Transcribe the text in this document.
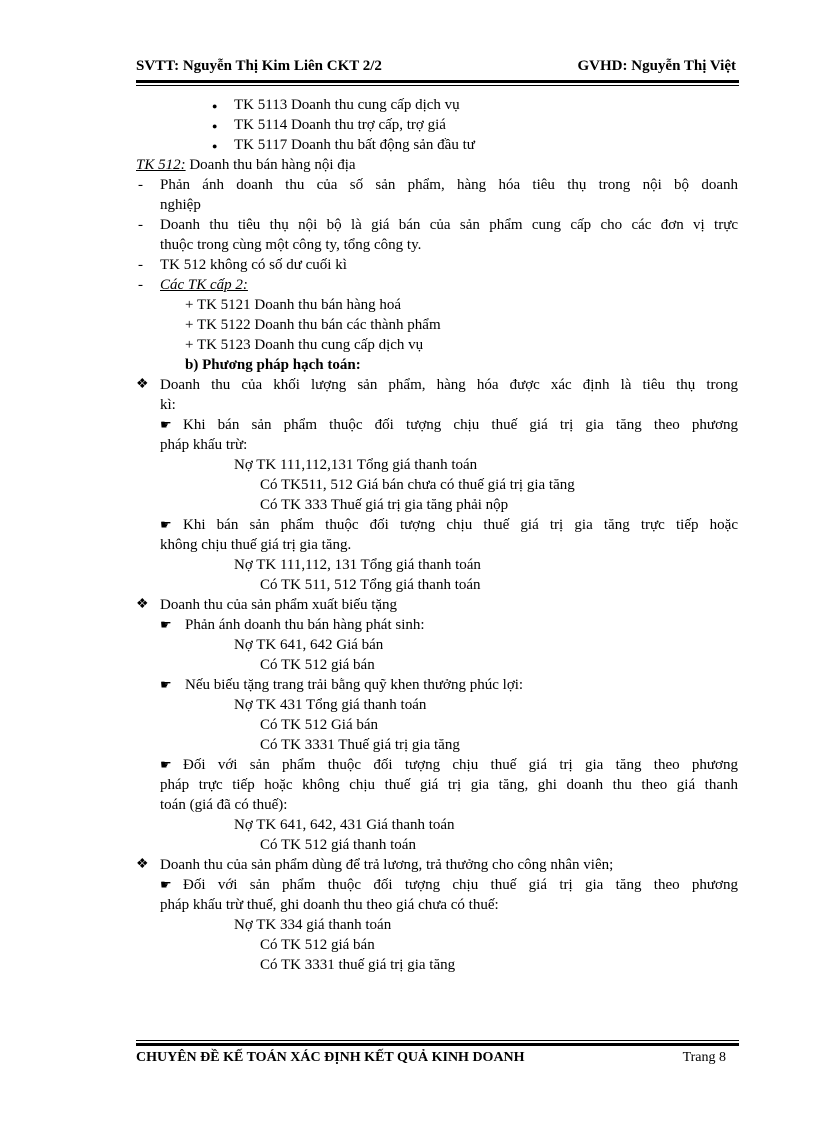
SVTT: Nguyễn Thị Kim Liên CKT 2/2	GVHD: Nguyễn Thị Việt
● TK 5113 Doanh thu cung cấp dịch vụ
● TK 5114 Doanh thu trợ cấp, trợ giá
● TK 5117 Doanh thu bất động sản đầu tư
TK 512: Doanh thu bán hàng nội địa
- Phản ánh doanh thu của số sản phẩm, hàng hóa tiêu thụ trong nội bộ doanh
nghiệp
- Doanh thu tiêu thụ nội bộ là giá bán của sản phẩm cung cấp cho các đơn vị trực
thuộc trong cùng một công ty, tổng công ty.
- TK 512 không có số dư cuối kì
- Các TK cấp 2:
+ TK 5121 Doanh thu bán hàng hoá
+ TK 5122 Doanh thu bán các thành phẩm
+ TK 5123 Doanh thu cung cấp dịch vụ
b) Phương pháp hạch toán:
❖ Doanh thu của khối lượng sản phẩm, hàng hóa được xác định là tiêu thụ trong
kì:
☛ Khi bán sản phẩm thuộc đối tượng chịu thuế giá trị gia tăng theo phương
pháp khấu trừ:
Nợ TK 111,112,131 Tổng giá thanh toán
Có TK511, 512 Giá bán chưa có thuế giá trị gia tăng
Có TK 333 Thuế giá trị gia tăng phải nộp
☛ Khi bán sản phẩm thuộc đối tượng chịu thuế giá trị gia tăng trực tiếp hoặc
không chịu thuế giá trị gia tăng.
Nợ TK 111,112, 131 Tổng giá thanh toán
Có TK 511, 512 Tổng giá thanh toán
❖ Doanh thu của sản phẩm xuất biếu tặng
☛ Phản ánh doanh thu bán hàng phát sinh:
Nợ TK 641, 642 Giá bán
Có TK 512 giá bán
☛ Nếu biếu tặng trang trải bằng quỹ khen thưởng phúc lợi:
Nợ TK 431 Tổng giá thanh toán
Có TK 512 Giá bán
Có TK 3331 Thuế giá trị gia tăng
☛ Đối với sản phẩm thuộc đối tượng chịu thuế giá trị gia tăng theo phương
pháp trực tiếp hoặc không chịu thuế giá trị gia tăng, ghi doanh thu theo giá thanh
toán (giá đã có thuế):
Nợ TK 641, 642, 431 Giá thanh toán
Có TK 512 giá thanh toán
❖ Doanh thu của sản phẩm dùng để trả lương, trả thưởng cho công nhân viên;
☛ Đối với sản phẩm thuộc đối tượng chịu thuế giá trị gia tăng theo phương
pháp khấu trừ thuế, ghi doanh thu theo giá chưa có thuế:
Nợ TK 334 giá thanh toán
Có TK 512 giá bán
Có TK 3331 thuế giá trị gia tăng
CHUYÊN ĐỀ KẾ TOÁN XÁC ĐỊNH KẾT QUẢ KINH DOANH	Trang 8
